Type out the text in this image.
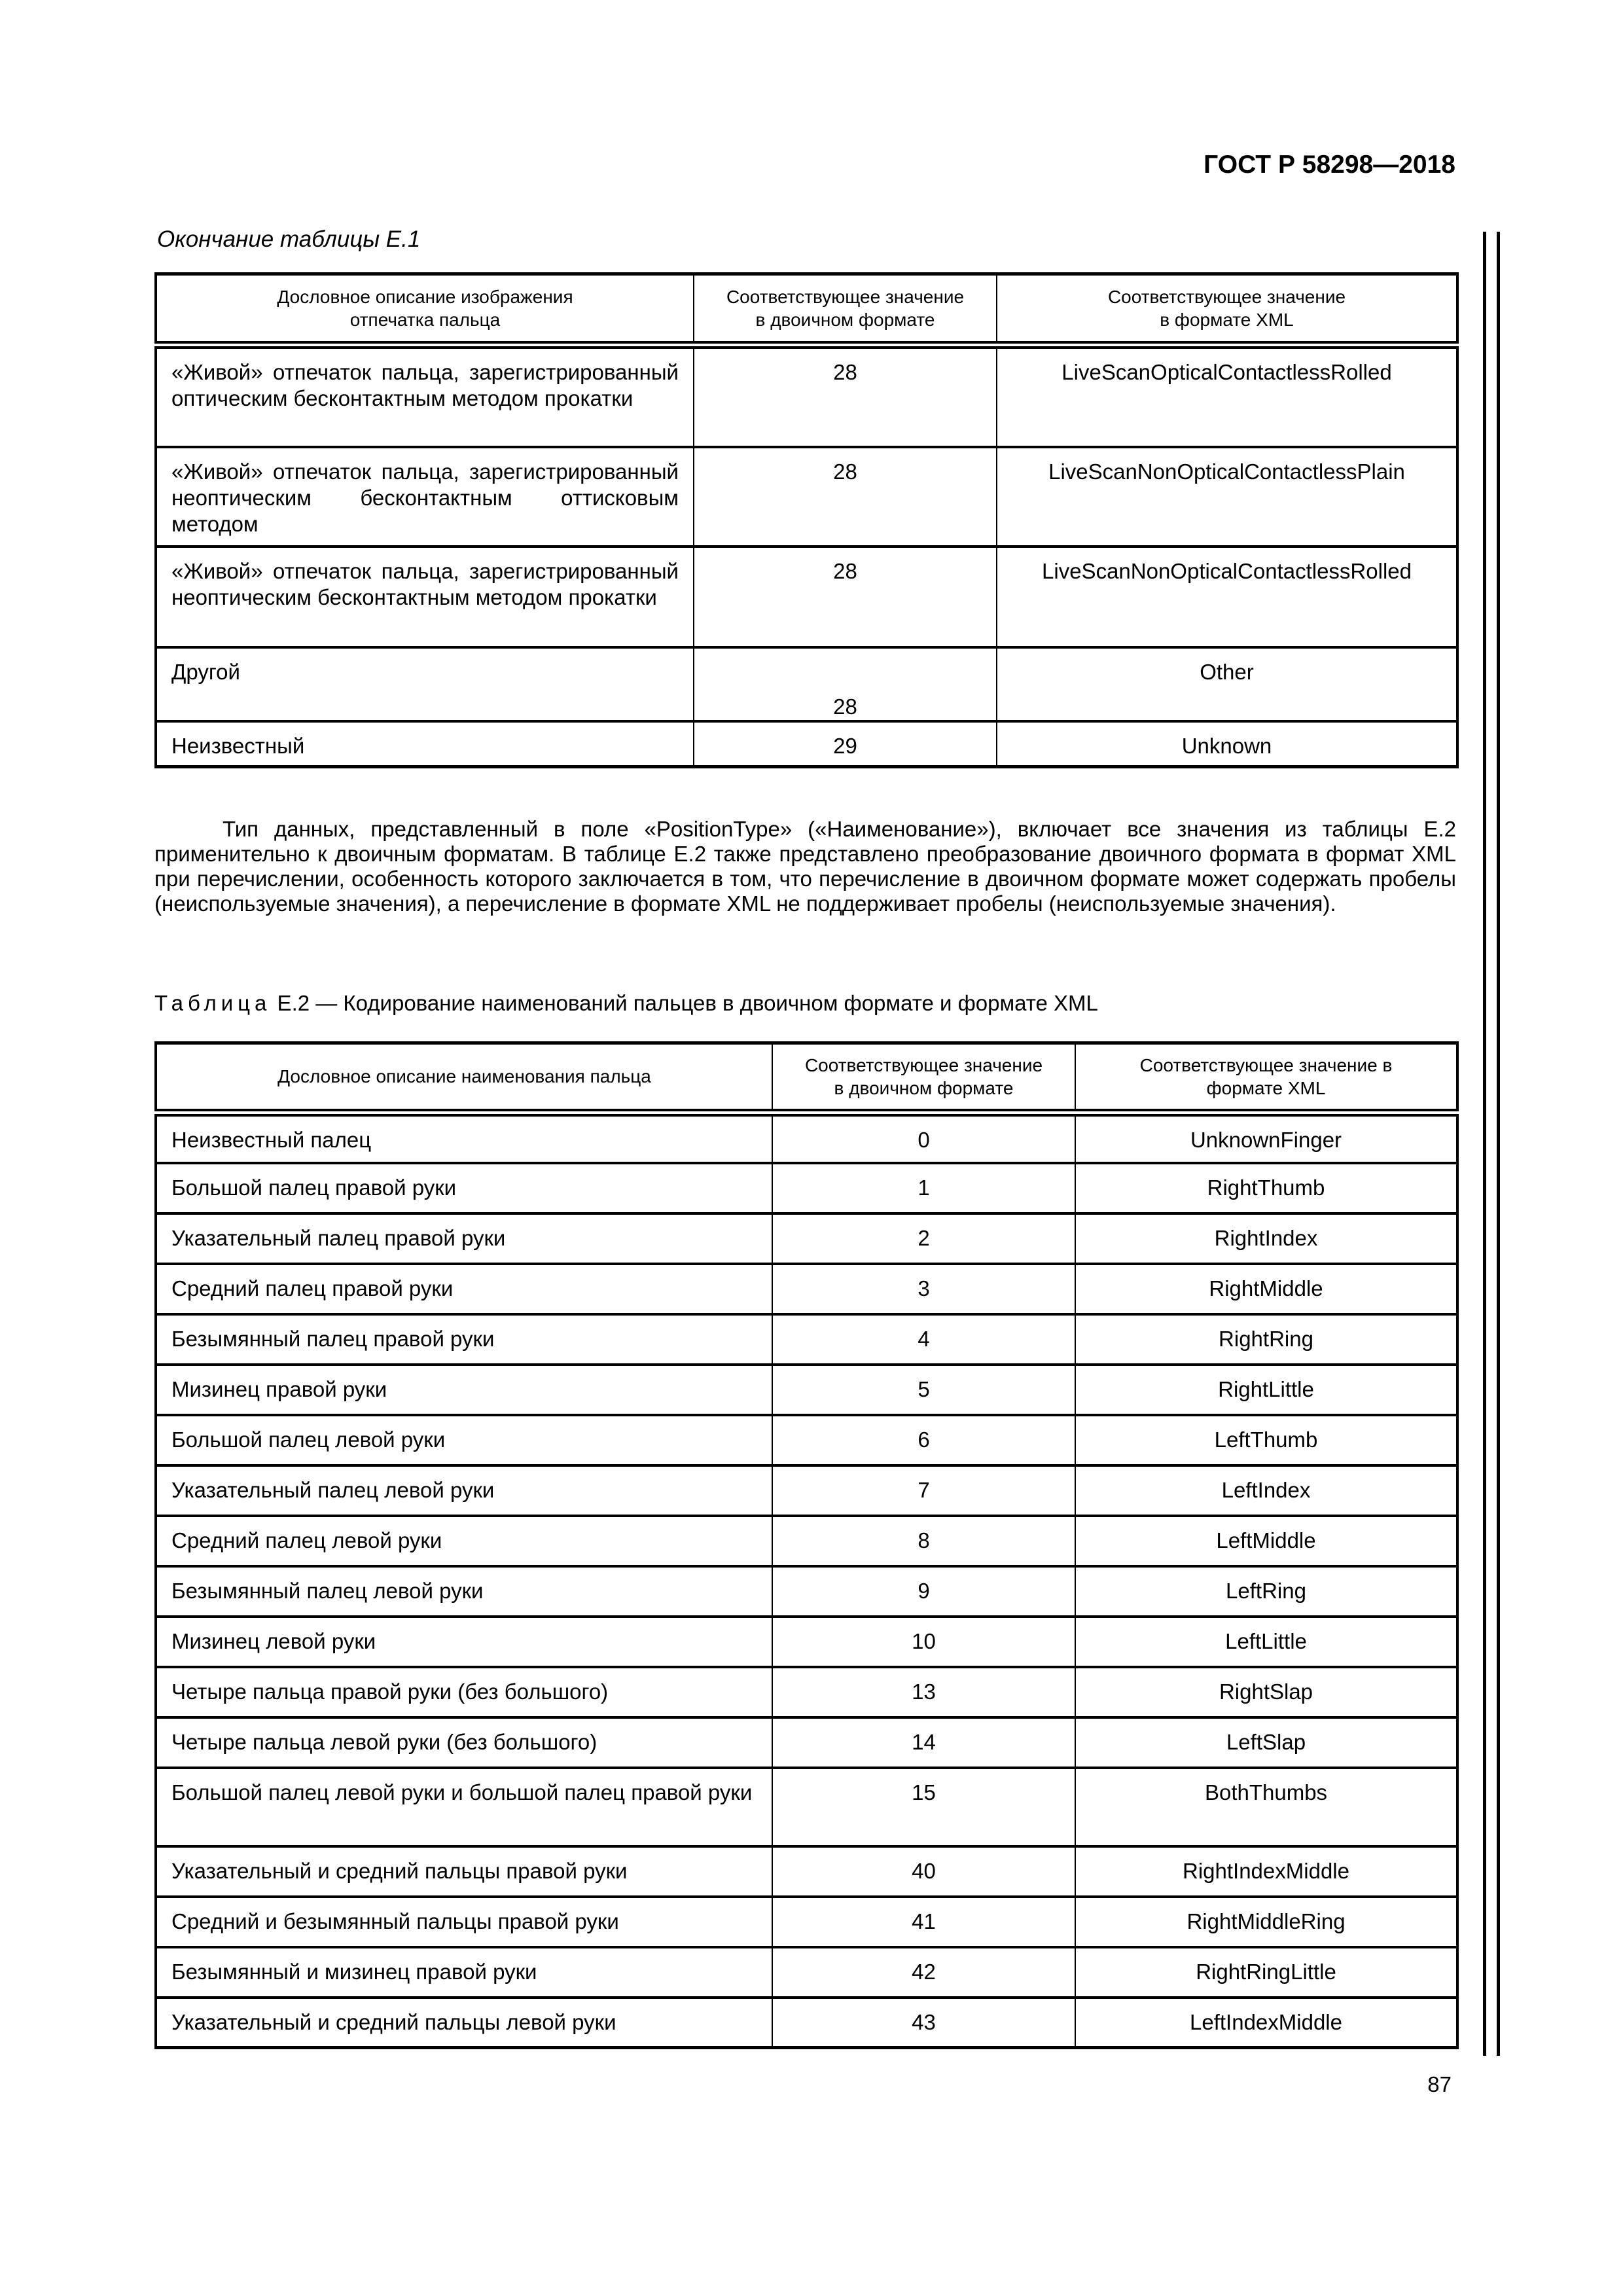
ГОСТ Р 58298—2018
Окончание таблицы Е.1
Дословное описание изображения отпечатка пальца	Соответствующее значение в двоичном формате	Соответствующее значение в формате XML
«Живой» отпечаток пальца, зарегистрированный оптическим бесконтактным методом прокатки	28	LiveScanOpticalContactlessRolled
«Живой» отпечаток пальца, зарегистрированный неоптическим бесконтактным оттисковым методом	28	LiveScanNonOpticalContactlessPlain
«Живой» отпечаток пальца, зарегистрированный неоптическим бесконтактным методом прокатки	28	LiveScanNonOpticalContactlessRolled
Другой	28	Other
Неизвестный	29	Unknown

Тип данных, представленный в поле «PositionType» («Наименование»), включает все значения из таблицы Е.2 применительно к двоичным форматам. В таблице Е.2 также представлено преобразование двоичного формата в формат XML при перечислении, особенность которого заключается в том, что перечисление в двоичном формате может содержать пробелы (неиспользуемые значения), а перечисление в формате XML не поддерживает пробелы (неиспользуемые значения).

Таблица Е.2 — Кодирование наименований пальцев в двоичном формате и формате XML
Дословное описание наименования пальца	Соответствующее значение в двоичном формате	Соответствующее значение в формате XML
Неизвестный палец	0	UnknownFinger
Большой палец правой руки	1	RightThumb
Указательный палец правой руки	2	RightIndex
Средний палец правой руки	3	RightMiddle
Безымянный палец правой руки	4	RightRing
Мизинец правой руки	5	RightLittle
Большой палец левой руки	6	LeftThumb
Указательный палец левой руки	7	LeftIndex
Средний палец левой руки	8	LeftMiddle
Безымянный палец левой руки	9	LeftRing
Мизинец левой руки	10	LeftLittle
Четыре пальца правой руки (без большого)	13	RightSlap
Четыре пальца левой руки (без большого)	14	LeftSlap
Большой палец левой руки и большой палец правой руки	15	BothThumbs
Указательный и средний пальцы правой руки	40	RightIndexMiddle
Средний и безымянный пальцы правой руки	41	RightMiddleRing
Безымянный и мизинец правой руки	42	RightRingLittle
Указательный и средний пальцы левой руки	43	LeftIndexMiddle
87
